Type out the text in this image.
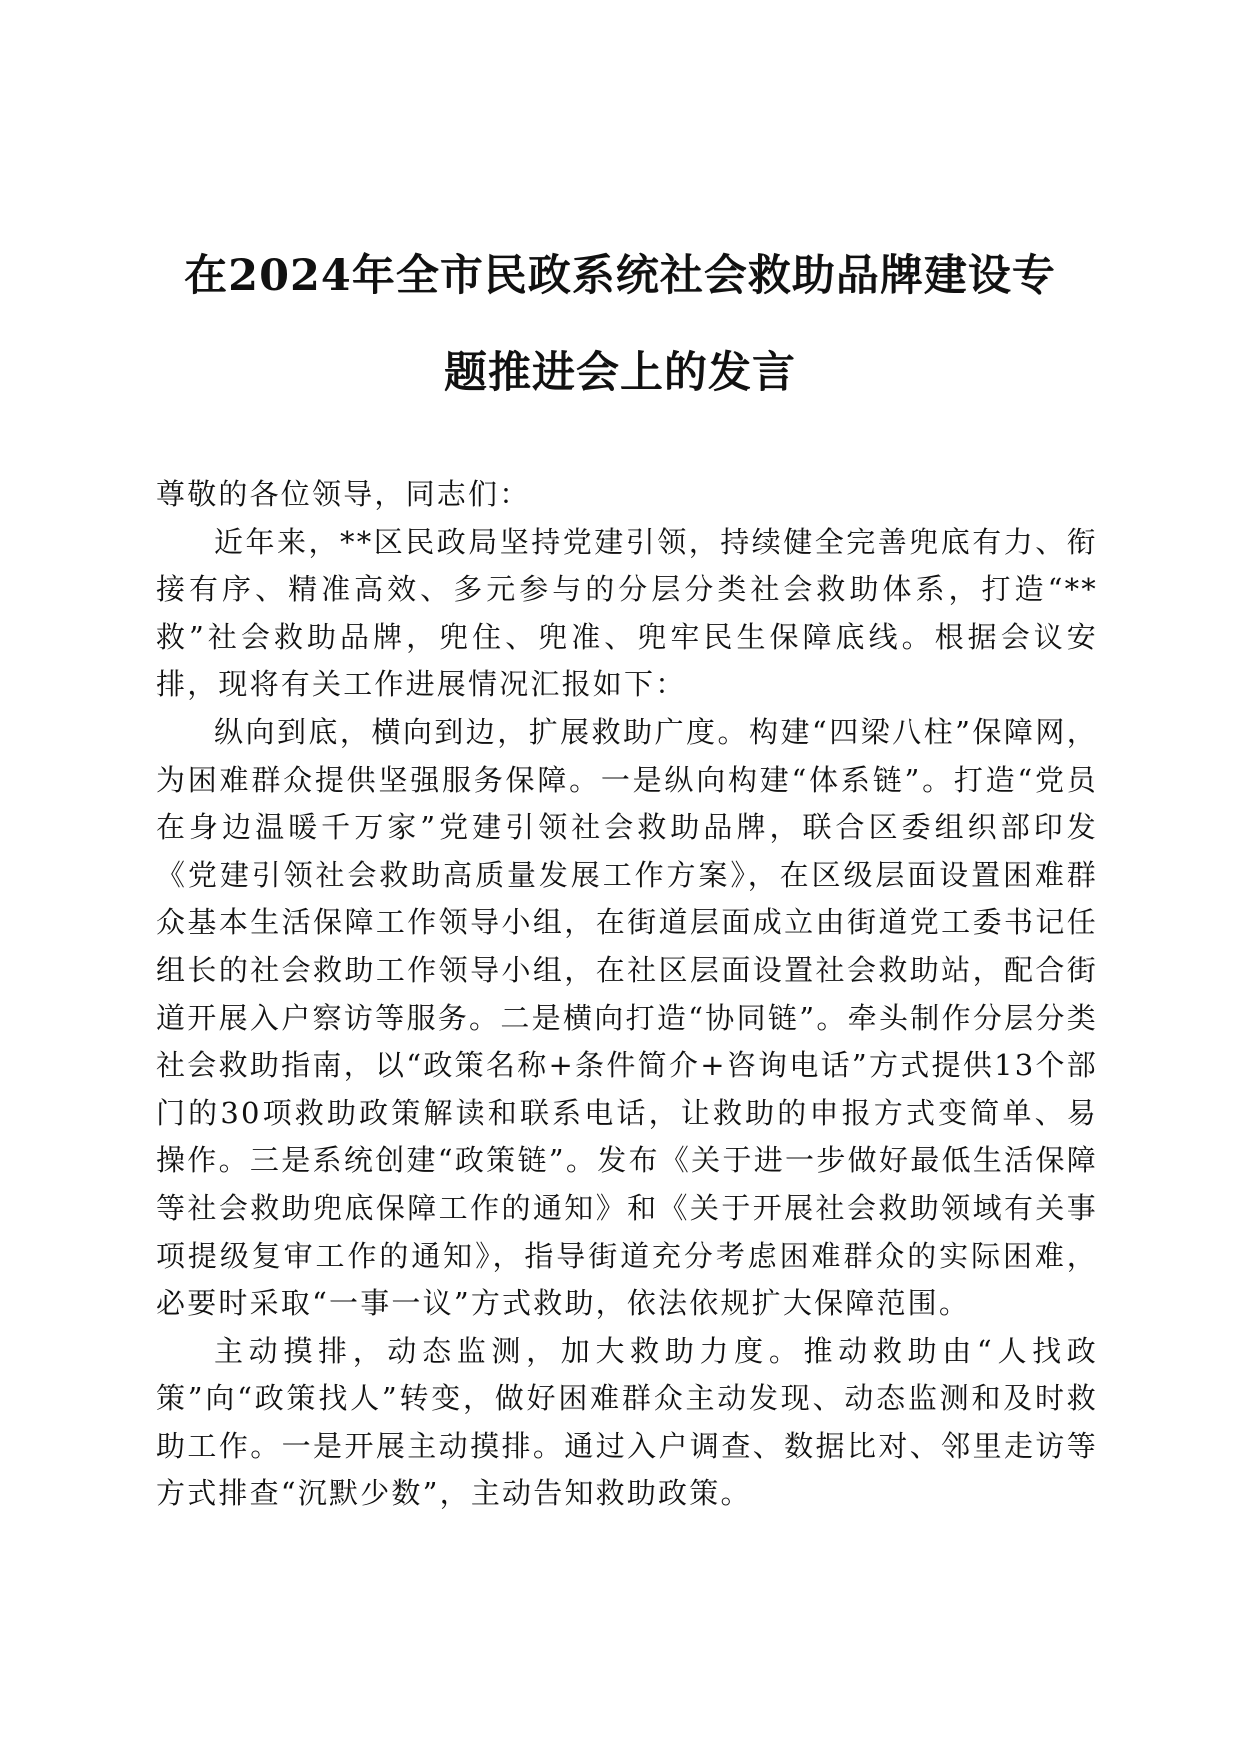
在2024年全市民政系统社会救助品牌建设专
题推进会上的发言

尊敬的各位领导，同志们：

近年来，**区民政局坚持党建引领，持续健全完善兜底有力、衔接有序、精准高效、多元参与的分层分类社会救助体系，打造“**救”社会救助品牌，兜住、兜准、兜牢民生保障底线。根据会议安排，现将有关工作进展情况汇报如下：

纵向到底，横向到边，扩展救助广度。构建“四梁八柱”保障网，为困难群众提供坚强服务保障。一是纵向构建“体系链”。打造“党员在身边温暖千万家”党建引领社会救助品牌，联合区委组织部印发《党建引领社会救助高质量发展工作方案》，在区级层面设置困难群众基本生活保障工作领导小组，在街道层面成立由街道党工委书记任组长的社会救助工作领导小组，在社区层面设置社会救助站，配合街道开展入户察访等服务。二是横向打造“协同链”。牵头制作分层分类社会救助指南，以“政策名称+条件简介+咨询电话”方式提供13个部门的30项救助政策解读和联系电话，让救助的申报方式变简单、易操作。三是系统创建“政策链”。发布《关于进一步做好最低生活保障等社会救助兜底保障工作的通知》和《关于开展社会救助领域有关事项提级复审工作的通知》，指导街道充分考虑困难群众的实际困难，必要时采取“一事一议”方式救助，依法依规扩大保障范围。

主动摸排，动态监测，加大救助力度。推动救助由“人找政策”向“政策找人”转变，做好困难群众主动发现、动态监测和及时救助工作。一是开展主动摸排。通过入户调查、数据比对、邻里走访等方式排查“沉默少数”，主动告知救助政策。
